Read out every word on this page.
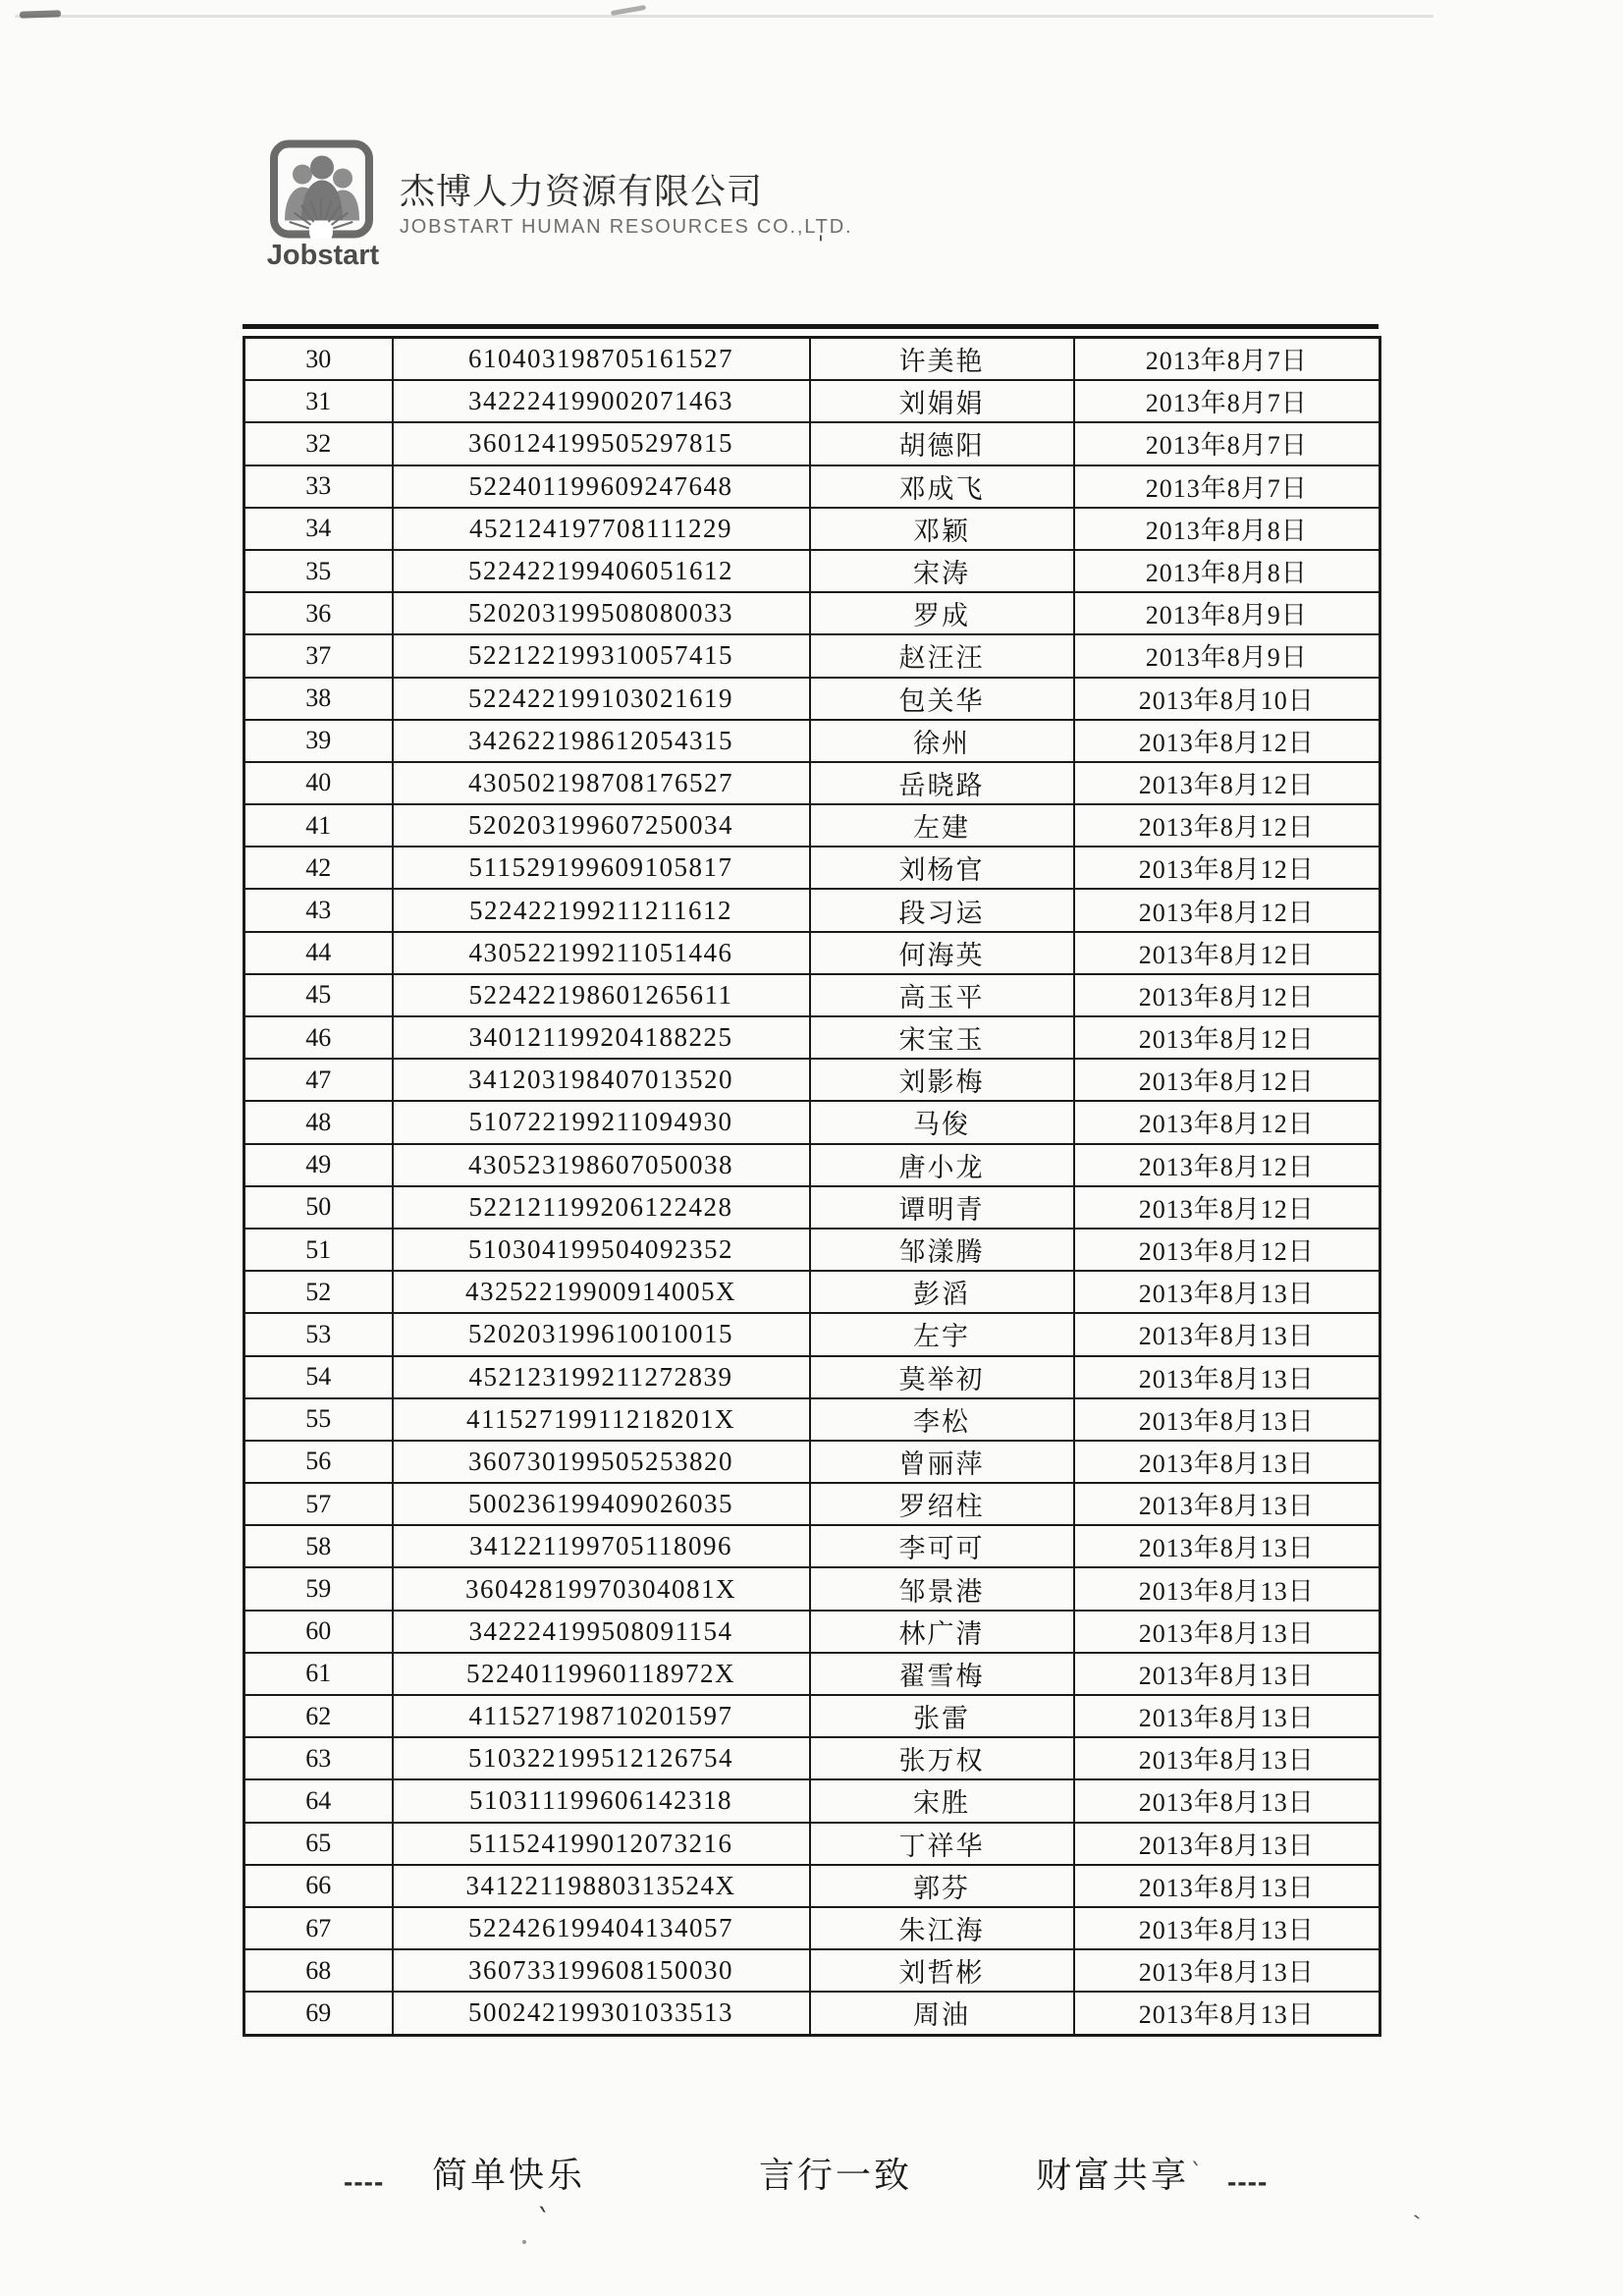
'
`
`
`
Jobstart
杰博人力资源有限公司
JOBSTART HUMAN RESOURCES CO.,LTD.
30	610403198705161527	许美艳	2013年8月7日
31	342224199002071463	刘娟娟	2013年8月7日
32	360124199505297815	胡德阳	2013年8月7日
33	522401199609247648	邓成飞	2013年8月7日
34	452124197708111229	邓颖	2013年8月8日
35	522422199406051612	宋涛	2013年8月8日
36	520203199508080033	罗成	2013年8月9日
37	522122199310057415	赵汪汪	2013年8月9日
38	522422199103021619	包关华	2013年8月10日
39	342622198612054315	徐州	2013年8月12日
40	430502198708176527	岳晓路	2013年8月12日
41	520203199607250034	左建	2013年8月12日
42	511529199609105817	刘杨官	2013年8月12日
43	522422199211211612	段习运	2013年8月12日
44	430522199211051446	何海英	2013年8月12日
45	522422198601265611	高玉平	2013年8月12日
46	340121199204188225	宋宝玉	2013年8月12日
47	341203198407013520	刘影梅	2013年8月12日
48	510722199211094930	马俊	2013年8月12日
49	430523198607050038	唐小龙	2013年8月12日
50	522121199206122428	谭明青	2013年8月12日
51	510304199504092352	邹漾腾	2013年8月12日
52	43252219900914005X	彭滔	2013年8月13日
53	520203199610010015	左宇	2013年8月13日
54	452123199211272839	莫举初	2013年8月13日
55	41152719911218201X	李松	2013年8月13日
56	360730199505253820	曾丽萍	2013年8月13日
57	500236199409026035	罗绍柱	2013年8月13日
58	341221199705118096	李可可	2013年8月13日
59	36042819970304081X	邹景港	2013年8月13日
60	342224199508091154	林广清	2013年8月13日
61	52240119960118972X	翟雪梅	2013年8月13日
62	411527198710201597	张雷	2013年8月13日
63	510322199512126754	张万权	2013年8月13日
64	510311199606142318	宋胜	2013年8月13日
65	511524199012073216	丁祥华	2013年8月13日
66	34122119880313524X	郭芬	2013年8月13日
67	522426199404134057	朱江海	2013年8月13日
68	360733199608150030	刘哲彬	2013年8月13日
69	500242199301033513	周油	2013年8月13日
---- 简单快乐	言行一致	财富共享 ----
